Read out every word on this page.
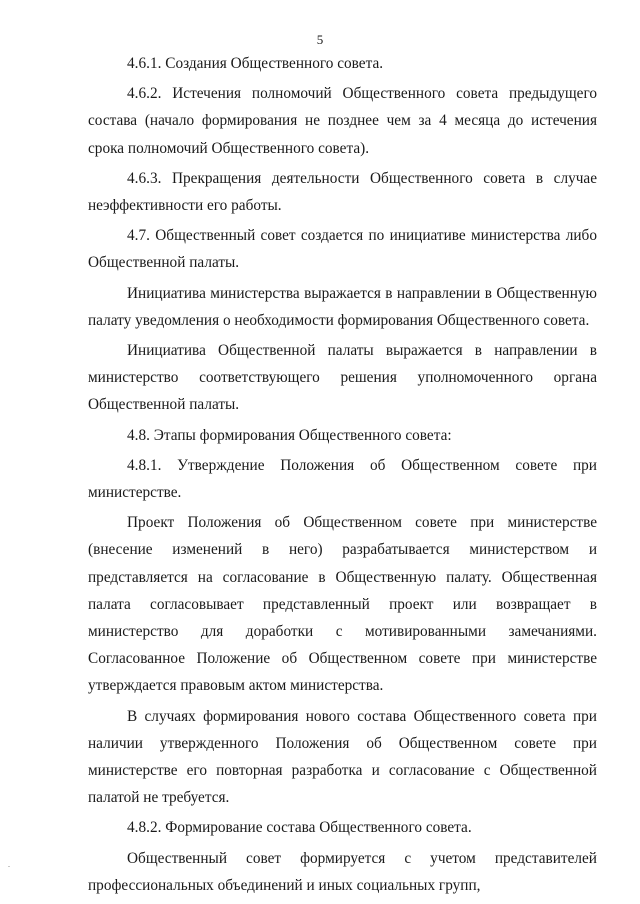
5

4.6.1. Создания Общественного совета.

4.6.2. Истечения полномочий Общественного совета предыдущего состава (начало формирования не позднее чем за 4 месяца до истечения срока полномочий Общественного совета).

4.6.3. Прекращения деятельности Общественного совета в случае неэффективности его работы.

4.7. Общественный совет создается по инициативе министерства либо Общественной палаты.

Инициатива министерства выражается в направлении в Общественную палату уведомления о необходимости формирования Общественного совета.

Инициатива Общественной палаты выражается в направлении в министерство соответствующего решения уполномоченного органа Общественной палаты.

4.8. Этапы формирования Общественного совета:

4.8.1. Утверждение Положения об Общественном совете при министерстве.

Проект Положения об Общественном совете при министерстве (внесение изменений в него) разрабатывается министерством и представляется на согласование в Общественную палату. Общественная палата согласовывает представленный проект или возвращает в министерство для доработки с мотивированными замечаниями. Согласованное Положение об Общественном совете при министерстве утверждается правовым актом министерства.

В случаях формирования нового состава Общественного совета при наличии утвержденного Положения об Общественном совете при министерстве его повторная разработка и согласование с Общественной палатой не требуется.

4.8.2. Формирование состава Общественного совета.

Общественный совет формируется с учетом представителей профессиональных объединений и иных социальных групп,
